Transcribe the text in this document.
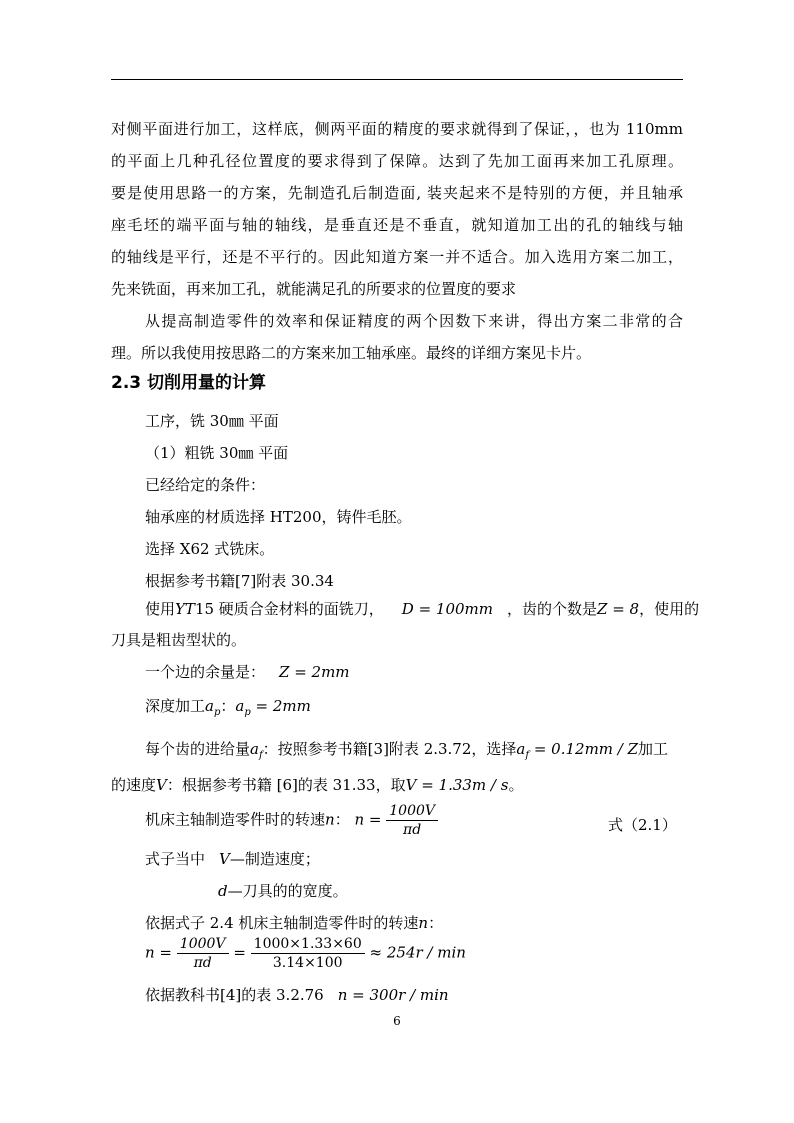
对侧平面进行加工，这样底，侧两平面的精度的要求就得到了保证，，也为 110mm
的平面上几种孔径位置度的要求得到了保障。达到了先加工面再来加工孔原理。
要是使用思路一的方案，先制造孔后制造面, 装夹起来不是特别的方便，并且轴承
座毛坯的端平面与轴的轴线，是垂直还是不垂直，就知道加工出的孔的轴线与轴
的轴线是平行，还是不平行的。因此知道方案一并不适合。加入选用方案二加工，
先来铣面，再来加工孔，就能满足孔的所要求的位置度的要求
从提高制造零件的效率和保证精度的两个因数下来讲，得出方案二非常的合
理。所以我使用按思路二的方案来加工轴承座。最终的详细方案见卡片。
2.3 切削用量的计算
工序，铣 30㎜ 平面
（1）粗铣 30㎜ 平面
已经给定的条件：
轴承座的材质选择 HT200，铸件毛胚。
选择 X62 式铣床。
根据参考书籍[7]附表 30.34
使用YT15 硬质合金材料的面铣刀， D = 100mm ，齿的个数是Z = 8，使用的
刀具是粗齿型状的。
一个边的余量是： Z = 2mm
深度加工$a_p$：$a_p = 2mm$
每个齿的进给量$a_f$：按照参考书籍[3]附表 2.3.72，选择$a_f = 0.12mm / Z$加工
的速度V：根据参考书籍 [6]的表 31.33，取V = 1.33m / s。
机床主轴制造零件时的转速n： $n = \frac{1000V}{\pi d}$	式（2.1）
式子当中 V—制造速度；
d—刀具的的宽度。
依据式子 2.4 机床主轴制造零件时的转速n：
$n = \frac{1000V}{\pi d} = \frac{1000\times 1.33\times 60}{3.14\times 100} \approx 254r / \min$
依据教科书[4]的表 3.2.76 n = 300r / min
6
